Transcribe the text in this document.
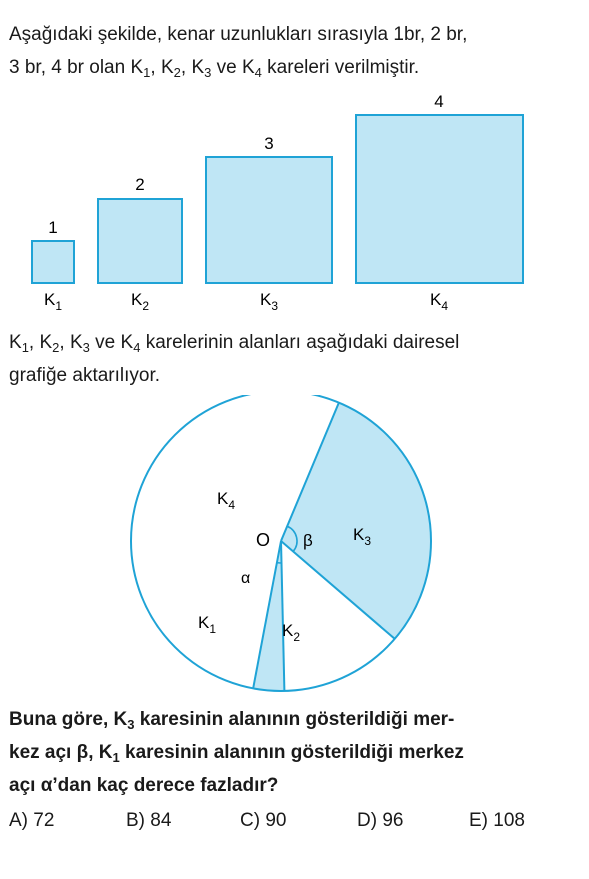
Aşağıdaki şekilde, kenar uzunlukları sırasıyla 1br, 2 br,
3 br, 4 br olan $K_1$, $K_2$, $K_3$ ve $K_4$ kareleri verilmiştir.
1
$K_1$
2
$K_2$
3
$K_3$
4
$K_4$
$K_1$, $K_2$, $K_3$ ve $K_4$ karelerinin alanları aşağıdaki dairesel
grafiğe aktarılıyor.
O
α
β
$K_4$
$K_3$
$K_1$	$K_2$
Buna göre, $K_3$ karesinin alanının gösterildiği mer-
kez açı β, $K_1$ karesinin alanının gösterildiği merkez
açı α’dan kaç derece fazladır?
A) 72	B) 84	C) 90	D) 96	E) 108
